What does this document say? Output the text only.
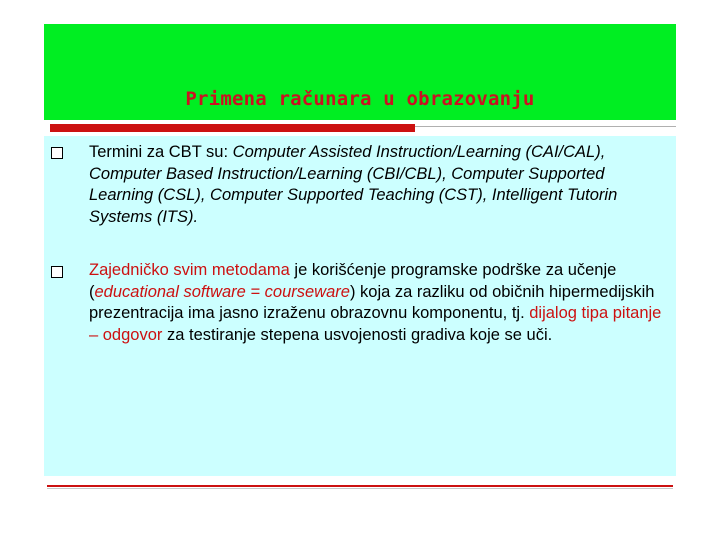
Primena računara u obrazovanju
Termini za CBT su: Computer Assisted Instruction/Learning (CAI/CAL), Computer Based Instruction/Learning (CBI/CBL), Computer Supported Learning (CSL), Computer Supported Teaching (CST), Intelligent Tutorin Systems (ITS).
Zajedničko svim metodama je korišćenje programske podrške za učenje (educational software = courseware) koja za razliku od običnih hipermedijskih prezentracija ima jasno izraženu obrazovnu komponentu, tj. dijalog tipa pitanje – odgovor za testiranje stepena usvojenosti gradiva koje se uči.
